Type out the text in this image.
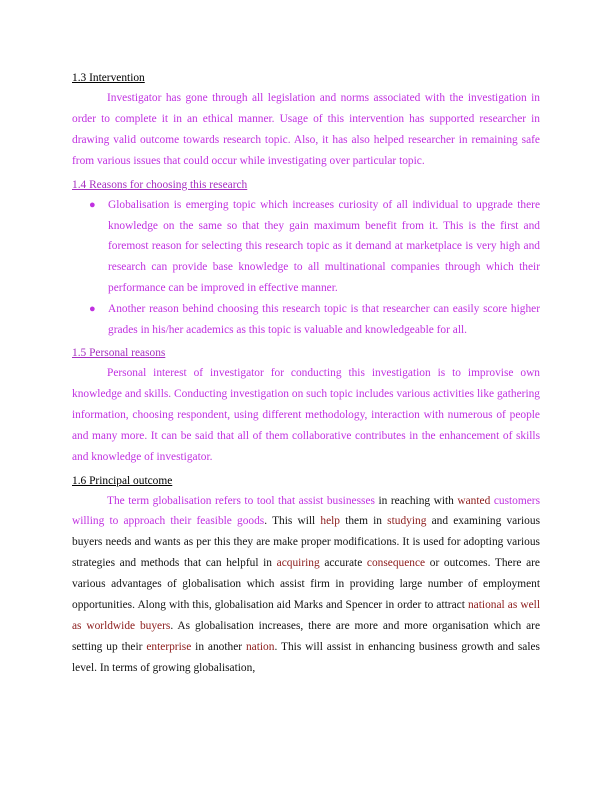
1.3 Intervention

Investigator has gone through all legislation and norms associated with the investigation in order to complete it in an ethical manner. Usage of this intervention has supported researcher in drawing valid outcome towards research topic. Also, it has also helped researcher in remaining safe from various issues that could occur while investigating over particular topic.

1.4 Reasons for choosing this research
● Globalisation is emerging topic which increases curiosity of all individual to upgrade there knowledge on the same so that they gain maximum benefit from it. This is the first and foremost reason for selecting this research topic as it demand at marketplace is very high and research can provide base knowledge to all multinational companies through which their performance can be improved in effective manner.
● Another reason behind choosing this research topic is that researcher can easily score higher grades in his/her academics as this topic is valuable and knowledgeable for all.
1.5 Personal reasons

Personal interest of investigator for conducting this investigation is to improvise own knowledge and skills. Conducting investigation on such topic includes various activities like gathering information, choosing respondent, using different methodology, interaction with numerous of people and many more. It can be said that all of them collaborative contributes in the enhancement of skills and knowledge of investigator.

1.6 Principal outcome

The term globalisation refers to tool that assist businesses in reaching with wanted customers willing to approach their feasible goods. This will help them in studying and examining various buyers needs and wants as per this they are make proper modifications. It is used for adopting various strategies and methods that can helpful in acquiring accurate consequence or outcomes. There are various advantages of globalisation which assist firm in providing large number of employment opportunities. Along with this, globalisation aid Marks and Spencer in order to attract national as well as worldwide buyers. As globalisation increases, there are more and more organisation which are setting up their enterprise in another nation. This will assist in enhancing business growth and sales level. In terms of growing globalisation,
